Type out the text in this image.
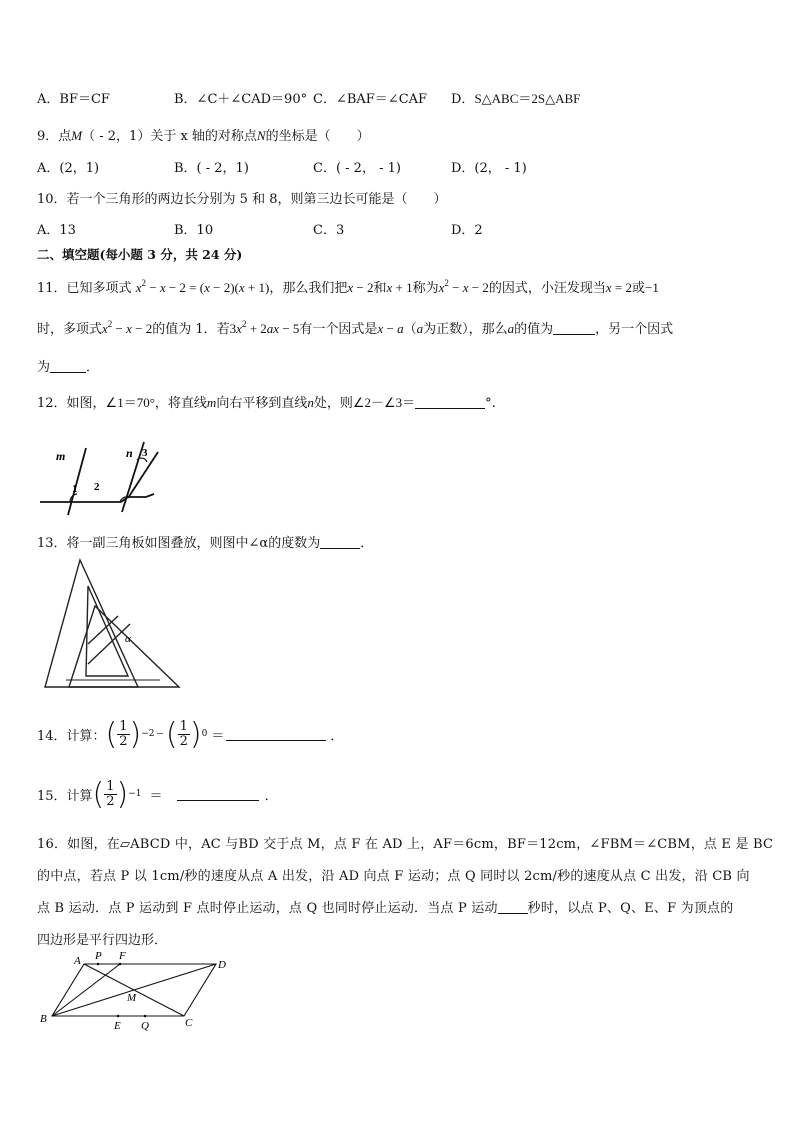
A．BF＝CF	B．∠C＋∠CAD＝90° C．∠BAF＝∠CAF D．S△ABC＝2S△ABF
9．点M（ - 2，1）关于 x 轴的对称点N的坐标是（　　）
A．(2，1)	B．( - 2，1)	C．( - 2， - 1)	D．(2， - 1)
10．若一个三角形的两边长分别为 5 和 8，则第三边长可能是（　　）
A．13	B．10	C．3	D．2
二、填空题(每小题 3 分，共 24 分)
11．已知多项式 $x^2 - x - 2 = (x - 2)(x + 1)$，那么我们把x − 2和x + 1称为$x^2 - x - 2$的因式，小汪发现当x = 2或−1
时，多项式$x^2 - x - 2$的值为 1．若$3x^2 + 2ax - 5$有一个因式是x − a（a为正数），那么a的值为	，另一个因式
为	．
12．如图，∠1＝70°，将直线m向右平移到直线n处，则∠2－∠3＝	°.
m
1 2
n 3
13．将一副三角板如图叠放，则图中∠α的度数为	．
α
14．计算： ( $\frac{1}{2}$ ) −2 − ( $\frac{1}{2}$ ) 0 ＝	．
15．计算 ( $\frac{1}{2}$ ) −1 ＝	．
16．如图，在▱ABCD 中，AC 与BD 交于点 M，点 F 在 AD 上，AF＝6cm，BF＝12cm，∠FBM＝∠CBM，点 E 是 BC
的中点，若点 P 以 1cm/秒的速度从点 A 出发，沿 AD 向点 F 运动；点 Q 同时以 2cm/秒的速度从点 C 出发，沿 CB 向
点 B 运动．点 P 运动到 F 点时停止运动，点 Q 也同时停止运动．当点 P 运动 秒时，以点 P、Q、E、F 为顶点的
四边形是平行四边形．
A P F
D
M
B
E Q	C
